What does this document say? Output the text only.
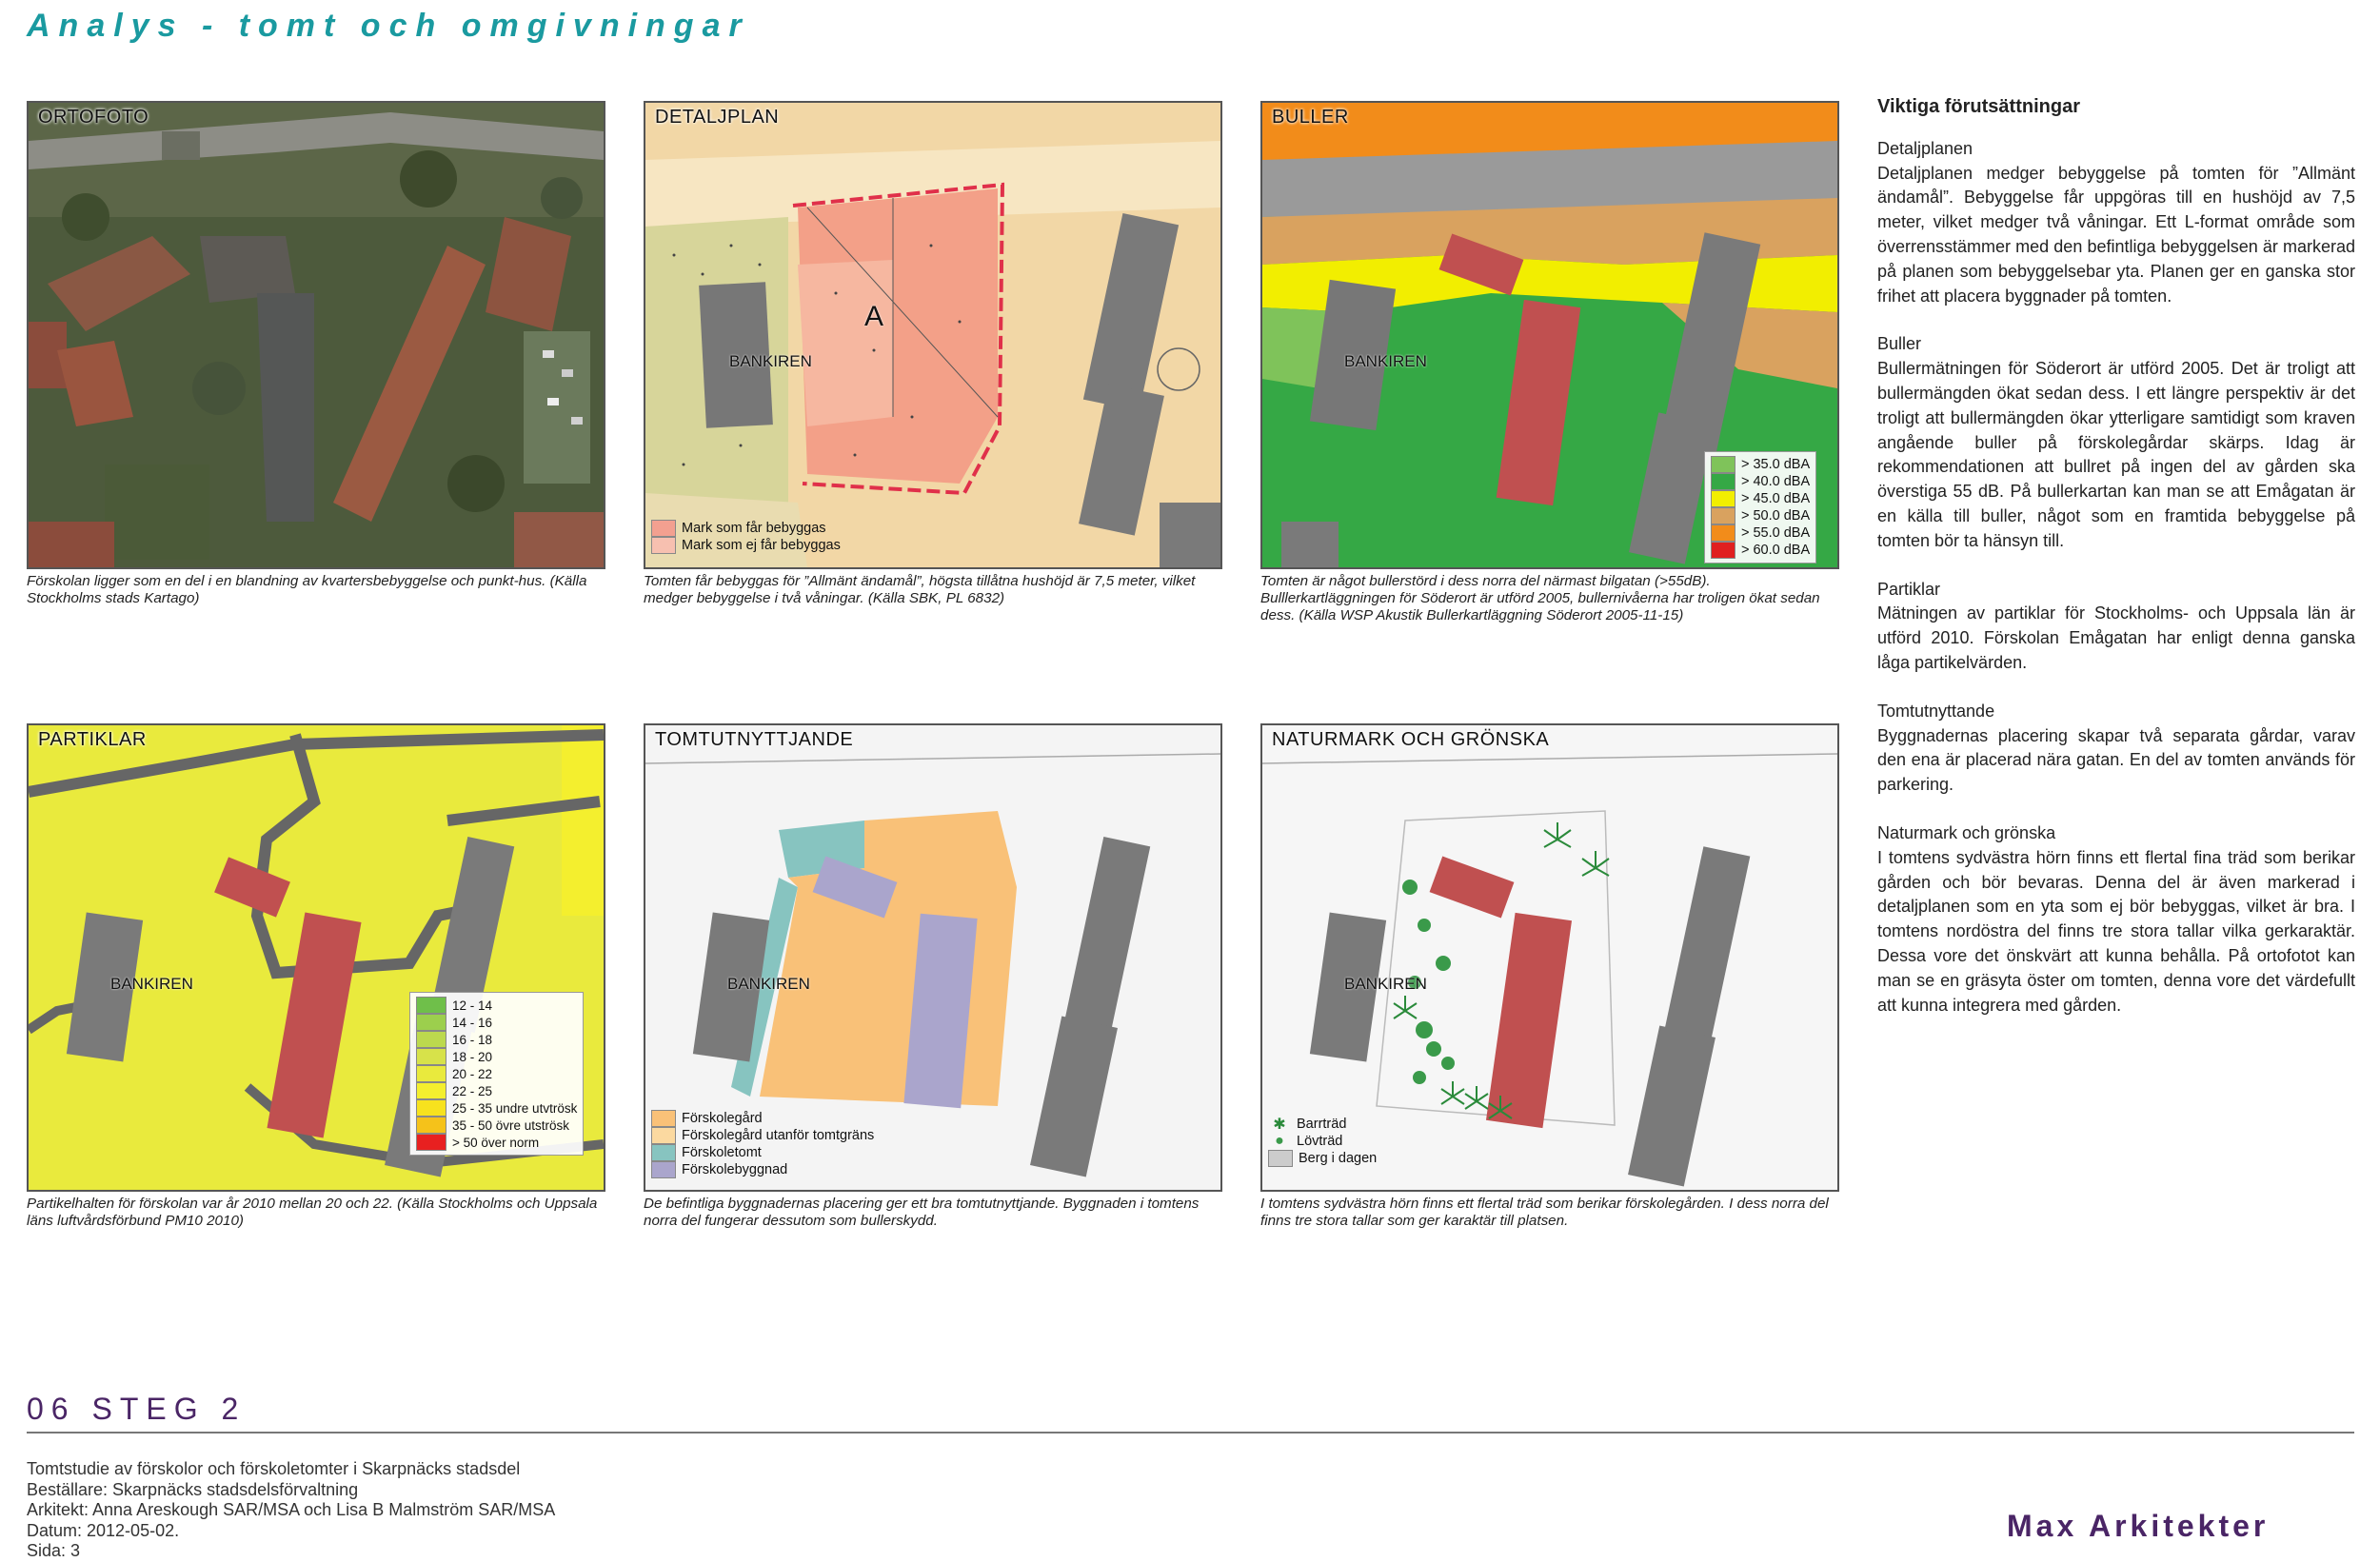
Analys - tomt och omgivningar
ORTOFOTO
Förskolan ligger som en del i en blandning av kvartersbebyggelse och punkt-hus. (Källa Stockholms stads Kartago)
DETALJPLAN
BANKIREN
A
Mark som får bebyggas
Mark som ej får bebyggas
Tomten får bebyggas för ”Allmänt ändamål”, högsta tillåtna hushöjd är 7,5 meter, vilket medger bebyggelse i två våningar. (Källa SBK, PL 6832)
BULLER
BANKIREN
> 35.0 dBA
> 40.0 dBA
> 45.0 dBA
> 50.0 dBA
> 55.0 dBA
> 60.0 dBA
Tomten är något bullerstörd i dess norra del närmast bilgatan (>55dB). Bulllerkartläggningen för Söderort är utförd 2005, bullernivåerna har troligen ökat sedan dess. (Källa WSP Akustik Bullerkartläggning Söderort 2005-11-15)
PARTIKLAR
BANKIREN
12 - 14
14 - 16
16 - 18
18 - 20
20 - 22
22 - 25
25 - 35 undre utvtrösk
35 - 50 övre utströsk
> 50 över norm
Partikelhalten för förskolan var år 2010 mellan 20 och 22. (Källa Stockholms och Uppsala läns luftvårdsförbund PM10 2010)
TOMTUTNYTTJANDE
BANKIREN
Förskolegård
Förskolegård utanför tomtgräns
Förskoletomt
Förskolebyggnad
De befintliga byggnadernas placering ger ett bra tomtutnyttjande. Byggnaden i tomtens norra del fungerar dessutom som bullerskydd.
NATURMARK OCH GRÖNSKA
BANKIREN
✱ Barrträd
● Lövträd
Berg i dagen
I tomtens sydvästra hörn finns ett flertal träd som berikar förskolegården. I dess norra del finns tre stora tallar som ger karaktär till platsen.
Viktiga förutsättningar

Detaljplanen

Detaljplanen medger bebyggelse på tomten för ”Allmänt ändamål”. Bebyggelse får uppgöras till en hushöjd av 7,5 meter, vilket medger två våningar. Ett L-format område som överrensstämmer med den befintliga bebyggelsen är markerad på planen som bebyggelsebar yta. Planen ger en ganska stor frihet att placera byggnader på tomten.

Buller

Bullermätningen för Söderort är utförd 2005. Det är troligt att bullermängden ökat sedan dess. I ett längre perspektiv är det troligt att bullermängden ökar ytterligare samtidigt som kraven angående buller på förskolegårdar skärps. Idag är rekommendationen att bullret på ingen del av gården ska överstiga 55 dB. På bullerkartan kan man se att Emågatan är en källa till buller, något som en framtida bebyggelse på tomten bör ta hänsyn till.

Partiklar

Mätningen av partiklar för Stockholms- och Uppsala län är utförd 2010. Förskolan Emågatan har enligt denna ganska låga partikelvärden.

Tomtutnyttande

Byggnadernas placering skapar två separata gårdar, varav den ena är placerad nära gatan. En del av tomten används för parkering.

Naturmark och grönska

I tomtens sydvästra hörn finns ett flertal fina träd som berikar gården och bör bevaras. Denna del är även markerad i detaljplanen som en yta som ej bör bebyggas, vilket är bra. I tomtens nordöstra del finns tre stora tallar vilka gerkaraktär. Dessa vore det önskvärt att kunna behålla. På ortofotot kan man se en gräsyta öster om tomten, denna vore det värdefullt att kunna integrera med gården.

06 STEG 2
Tomtstudie av förskolor och förskoletomter i Skarpnäcks stadsdel
Beställare: Skarpnäcks stadsdelsförvaltning
Arkitekt: Anna Areskough SAR/MSA och Lisa B Malmström SAR/MSA
Datum: 2012-05-02.
Sida: 3
Max Arkitekter
